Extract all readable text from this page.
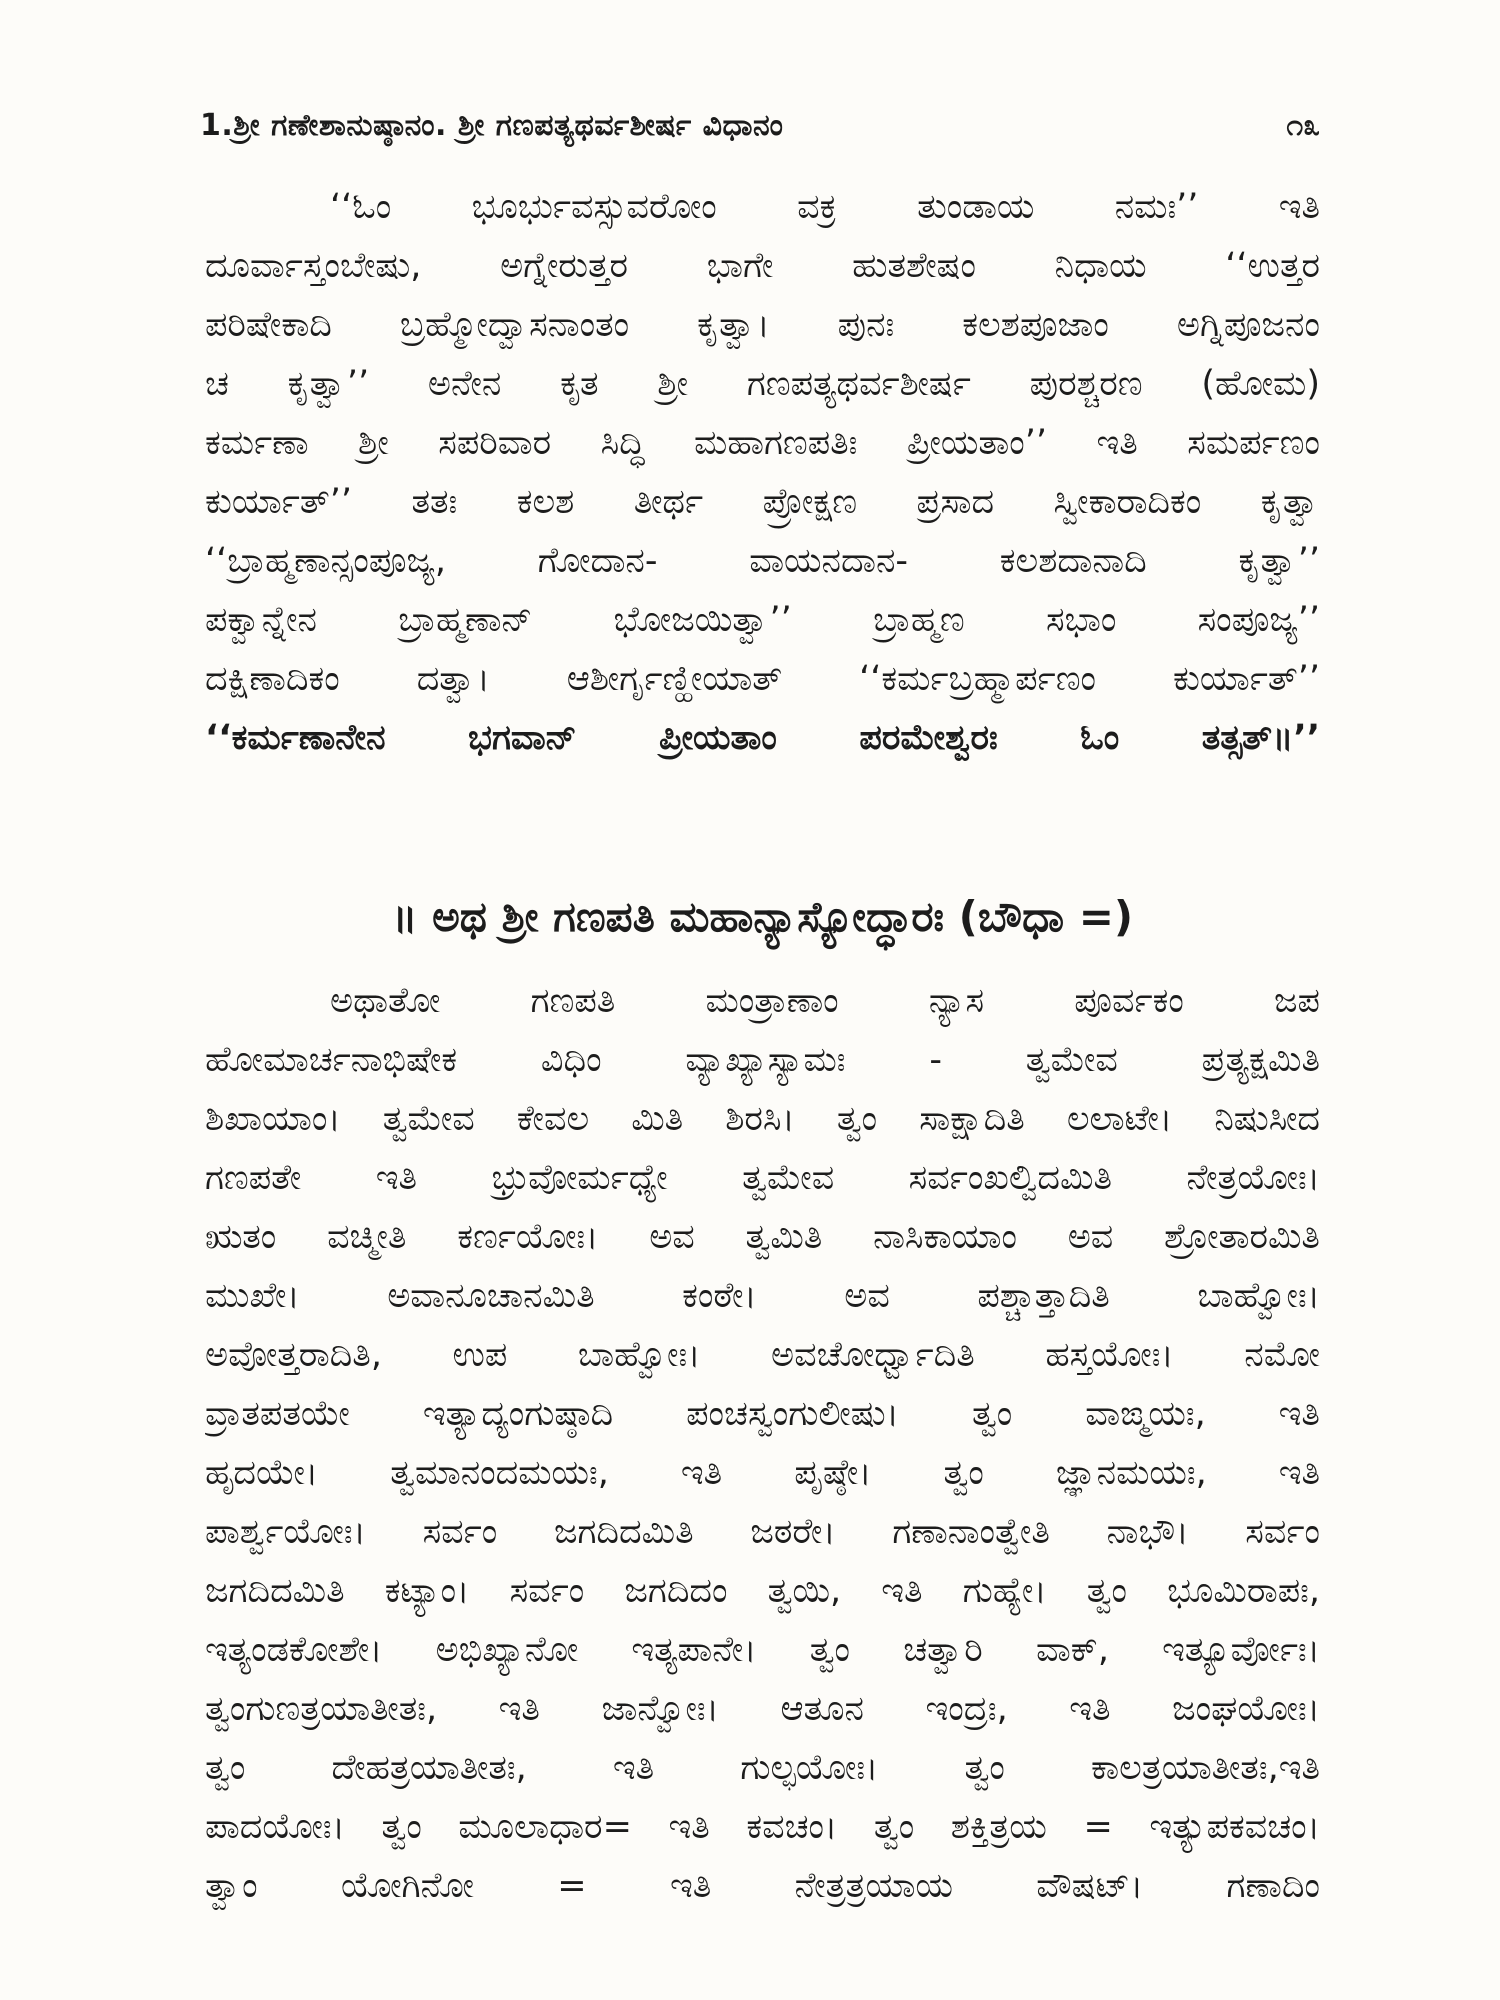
1.ಶ್ರೀ ಗಣೇಶಾನುಷ್ಠಾನಂ. ಶ್ರೀ ಗಣಪತ್ಯಥರ್ವಶೀರ್ಷ ವಿಧಾನಂ	೧೩
‘‘ಓಂ ಭೂರ್ಭುವಸ್ಸುವರೋಂ ವಕ್ರ ತುಂಡಾಯ ನಮಃ’’ ಇತಿ
ದೂರ್ವಾಸ್ತಂಬೇಷು, ಅಗ್ನೇರುತ್ತರ ಭಾಗೇ ಹುತಶೇಷಂ ನಿಧಾಯ ‘‘ಉತ್ತರ
ಪರಿಷೇಕಾದಿ ಬ್ರಹ್ಮೋದ್ವಾಸನಾಂತಂ ಕೃತ್ವಾ। ಪುನಃ ಕಲಶಪೂಜಾಂ ಅಗ್ನಿಪೂಜನಂ
ಚ ಕೃತ್ವಾ’’ ಅನೇನ ಕೃತ ಶ್ರೀ ಗಣಪತ್ಯಥರ್ವಶೀರ್ಷ ಪುರಶ್ಚರಣ (ಹೋಮ)
ಕರ್ಮಣಾ ಶ್ರೀ ಸಪರಿವಾರ ಸಿದ್ಧಿ ಮಹಾಗಣಪತಿಃ ಪ್ರೀಯತಾಂ’’ ಇತಿ ಸಮರ್ಪಣಂ
ಕುರ್ಯಾತ್’’ ತತಃ ಕಲಶ ತೀರ್ಥ ಪ್ರೋಕ್ಷಣ ಪ್ರಸಾದ ಸ್ವೀಕಾರಾದಿಕಂ ಕೃತ್ವಾ
‘‘ಬ್ರಾಹ್ಮಣಾನ್ಸಂಪೂಜ್ಯ, ಗೋದಾನ- ವಾಯನದಾನ- ಕಲಶದಾನಾದಿ ಕೃತ್ವಾ’’
ಪಕ್ವಾನ್ನೇನ ಬ್ರಾಹ್ಮಣಾನ್ ಭೋಜಯಿತ್ವಾ’’ ಬ್ರಾಹ್ಮಣ ಸಭಾಂ ಸಂಪೂಜ್ಯ’’
ದಕ್ಷಿಣಾದಿಕಂ ದತ್ವಾ। ಆಶೀರ್ಗೃಣ್ಹೀಯಾತ್ ‘‘ಕರ್ಮಬ್ರಹ್ಮಾರ್ಪಣಂ ಕುರ್ಯಾತ್’’
‘‘ಕರ್ಮಣಾನೇನ ಭಗವಾನ್ ಪ್ರೀಯತಾಂ ಪರಮೇಶ್ವರಃ ಓಂ ತತ್ಸತ್॥’’
॥ ಅಥ ಶ್ರೀ ಗಣಪತಿ ಮಹಾನ್ಯಾಸ್ಯೋದ್ಧಾರಃ (ಬೌಧಾ =)
ಅಥಾತೋ ಗಣಪತಿ ಮಂತ್ರಾಣಾಂ ನ್ಯಾಸ ಪೂರ್ವಕಂ ಜಪ
ಹೋಮಾರ್ಚನಾಭಿಷೇಕ ವಿಧಿಂ ವ್ಯಾಖ್ಯಾಸ್ಯಾಮಃ - ತ್ವಮೇವ ಪ್ರತ್ಯಕ್ಷಮಿತಿ
ಶಿಖಾಯಾಂ। ತ್ವಮೇವ ಕೇವಲ ಮಿತಿ ಶಿರಸಿ। ತ್ವಂ ಸಾಕ್ಷಾದಿತಿ ಲಲಾಟೇ। ನಿಷುಸೀದ
ಗಣಪತೇ ಇತಿ ಭ್ರುವೋರ್ಮಧ್ಯೇ ತ್ವಮೇವ ಸರ್ವಂಖಲ್ವಿದಮಿತಿ ನೇತ್ರಯೋಃ।
ಋತಂ ವಚ್ಮೀತಿ ಕರ್ಣಯೋಃ। ಅವ ತ್ವಮಿತಿ ನಾಸಿಕಾಯಾಂ ಅವ ಶ್ರೋತಾರಮಿತಿ
ಮುಖೇ। ಅವಾನೂಚಾನಮಿತಿ ಕಂಠೇ। ಅವ ಪಶ್ಚಾತ್ತಾದಿತಿ ಬಾಹ್ವೋಃ।
ಅವೋತ್ತರಾದಿತಿ, ಉಪ ಬಾಹ್ವೋಃ। ಅವಚೋರ್ಧ್ವಾದಿತಿ ಹಸ್ತಯೋಃ। ನಮೋ
ವ್ರಾತಪತಯೇ ಇತ್ಯಾದ್ಯಂಗುಷ್ಠಾದಿ ಪಂಚಸ್ವಂಗುಲೀಷು। ತ್ವಂ ವಾಙ್ಮಯಃ, ಇತಿ
ಹೃದಯೇ। ತ್ವಮಾನಂದಮಯಃ, ಇತಿ ಪೃಷ್ಠೇ। ತ್ವಂ ಜ್ಞಾನಮಯಃ, ಇತಿ
ಪಾರ್ಶ್ವಯೋಃ। ಸರ್ವಂ ಜಗದಿದಮಿತಿ ಜಠರೇ। ಗಣಾನಾಂತ್ವೇತಿ ನಾಭೌ। ಸರ್ವಂ
ಜಗದಿದಮಿತಿ ಕಟ್ಯಾಂ। ಸರ್ವಂ ಜಗದಿದಂ ತ್ವಯಿ, ಇತಿ ಗುಹ್ಯೇ। ತ್ವಂ ಭೂಮಿರಾಪಃ,
ಇತ್ಯಂಡಕೋಶೇ। ಅಭಿಖ್ಯಾನೋ ಇತ್ಯಪಾನೇ। ತ್ವಂ ಚತ್ವಾರಿ ವಾಕ್, ಇತ್ಯೂರ್ವೋಃ।
ತ್ವಂಗುಣತ್ರಯಾತೀತಃ, ಇತಿ ಜಾನ್ವೋಃ। ಆತೂನ ಇಂದ್ರಃ, ಇತಿ ಜಂಘಯೋಃ।
ತ್ವಂ ದೇಹತ್ರಯಾತೀತಃ, ಇತಿ ಗುಲ್ಫಯೋಃ। ತ್ವಂ ಕಾಲತ್ರಯಾತೀತಃ,ಇತಿ
ಪಾದಯೋಃ। ತ್ವಂ ಮೂಲಾಧಾರ= ಇತಿ ಕವಚಂ। ತ್ವಂ ಶಕ್ತಿತ್ರಯ = ಇತ್ಯುಪಕವಚಂ।
ತ್ವಾಂ ಯೋಗಿನೋ = ಇತಿ ನೇತ್ರತ್ರಯಾಯ ವೌಷಟ್। ಗಣಾದಿಂ
